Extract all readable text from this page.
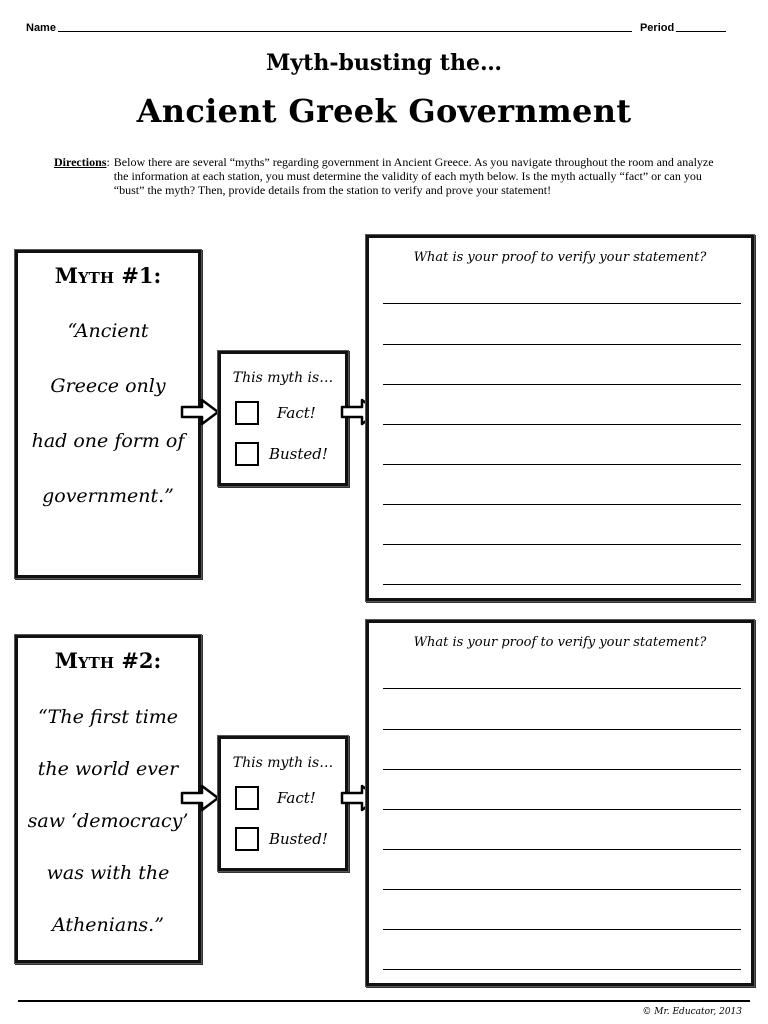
Name	Period
Myth-busting the…
Ancient Greek Government
Directions : Below there are several “myths” regarding government in Ancient Greece. As you navigate throughout the room and analyze the information at each station, you must determine the validity of each myth below. Is the myth actually “fact” or can you “bust” the myth? Then, provide details from the station to verify and prove your statement!
Myth #1:
“Ancient
Greece only
had one form of
government.”
This myth is…
Fact!
Busted!
What is your proof to verify your statement?
Myth #2:
“The first time
the world ever
saw ‘democracy’
was with the
Athenians.”
This myth is…
Fact!
Busted!
What is your proof to verify your statement?
© Mr. Educator, 2013
